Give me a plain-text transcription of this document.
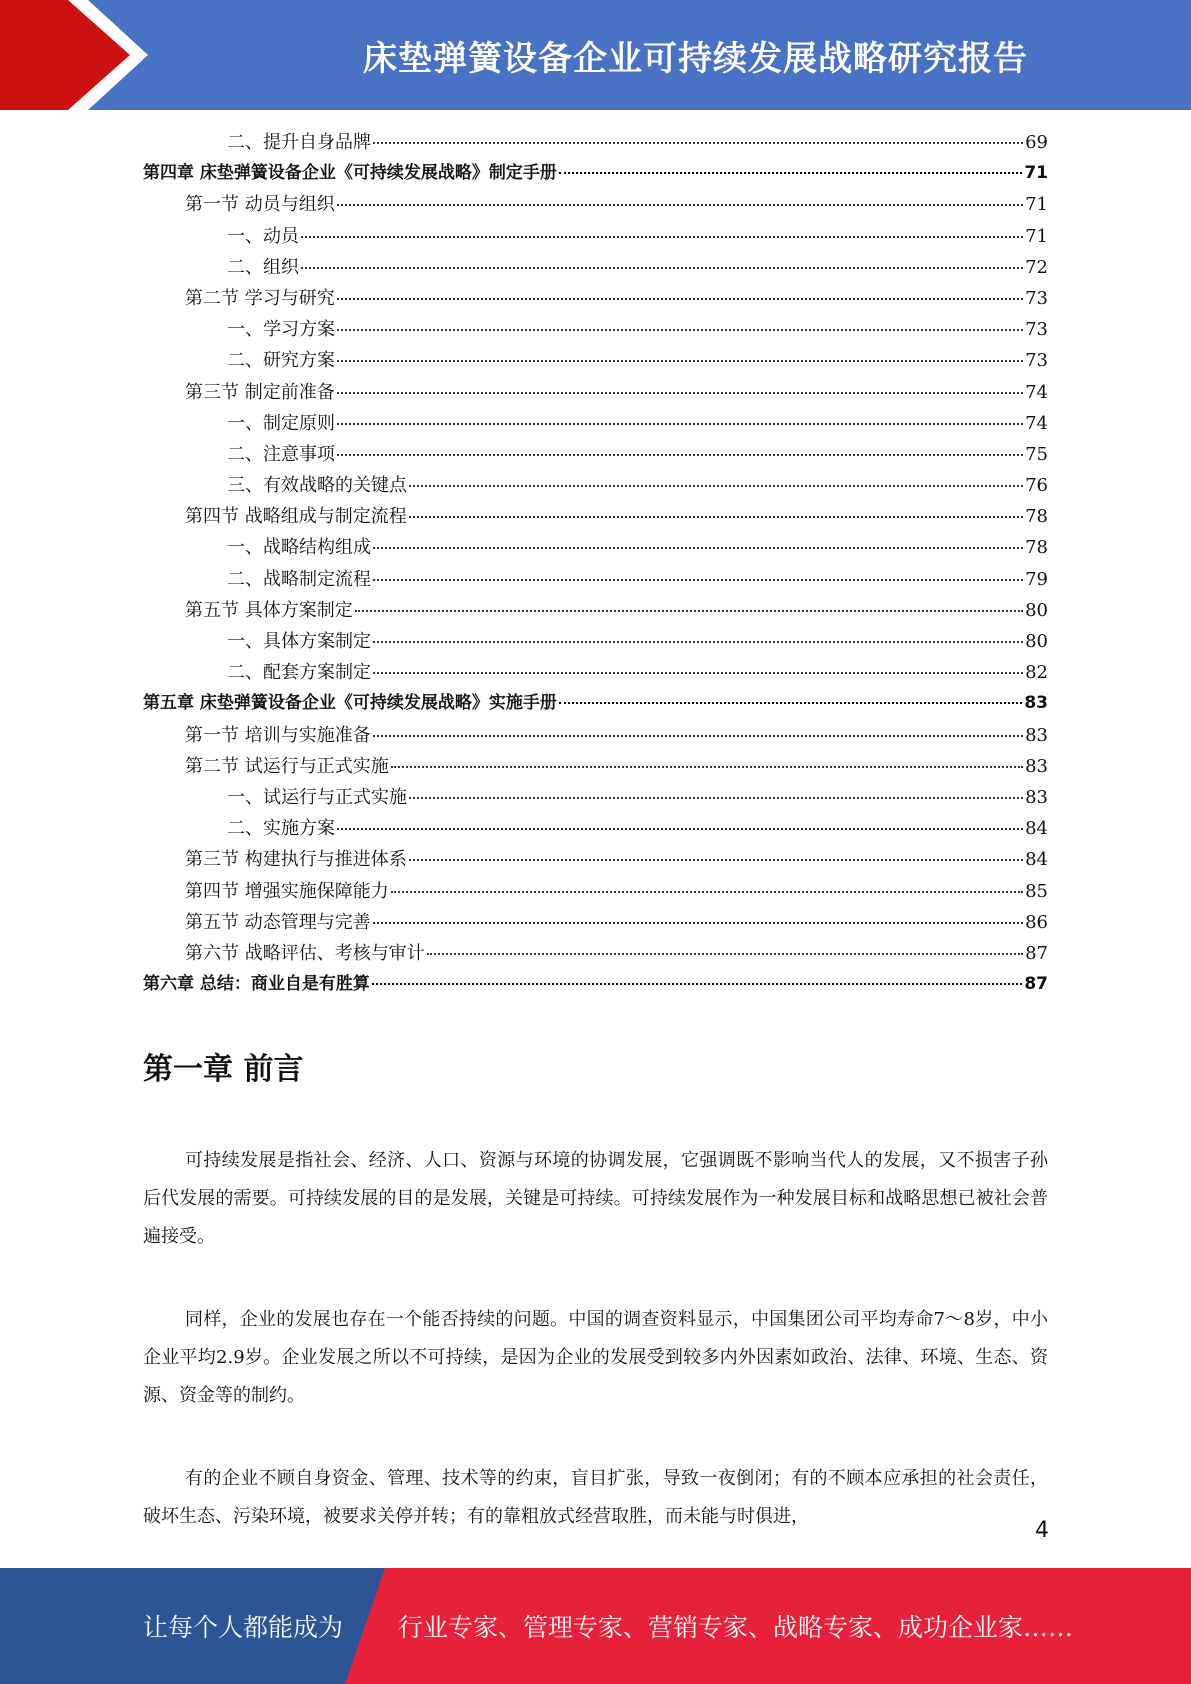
床垫弹簧设备企业可持续发展战略研究报告
二、提升自身品牌	69
第四章 床垫弹簧设备企业《可持续发展战略》制定手册	71
第一节 动员与组织	71
一、动员	71
二、组织	72
第二节 学习与研究	73
一、学习方案	73
二、研究方案	73
第三节 制定前准备	74
一、制定原则	74
二、注意事项	75
三、有效战略的关键点	76
第四节 战略组成与制定流程	78
一、战略结构组成	78
二、战略制定流程	79
第五节 具体方案制定	80
一、具体方案制定	80
二、配套方案制定	82
第五章 床垫弹簧设备企业《可持续发展战略》实施手册	83
第一节 培训与实施准备	83
第二节 试运行与正式实施	83
一、试运行与正式实施	83
二、实施方案	84
第三节 构建执行与推进体系	84
第四节 增强实施保障能力	85
第五节 动态管理与完善	86
第六节 战略评估、考核与审计	87
第六章 总结：商业自是有胜算	87
第一章 前言

可持续发展是指社会、经济、人口、资源与环境的协调发展，它强调既不影响当代人的发展，又不损害子孙后代发展的需要。可持续发展的目的是发展，关键是可持续。可持续发展作为一种发展目标和战略思想已被社会普遍接受。

同样，企业的发展也存在一个能否持续的问题。中国的调查资料显示，中国集团公司平均寿命7～8岁，中小企业平均2.9岁。企业发展之所以不可持续，是因为企业的发展受到较多内外因素如政治、法律、环境、生态、资源、资金等的制约。

有的企业不顾自身资金、管理、技术等的约束，盲目扩张，导致一夜倒闭；有的不顾本应承担的社会责任，破坏生态、污染环境，被要求关停并转；有的靠粗放式经营取胜，而未能与时俱进，

4
让每个人都能成为 行业专家、管理专家、营销专家、战略专家、成功企业家……
